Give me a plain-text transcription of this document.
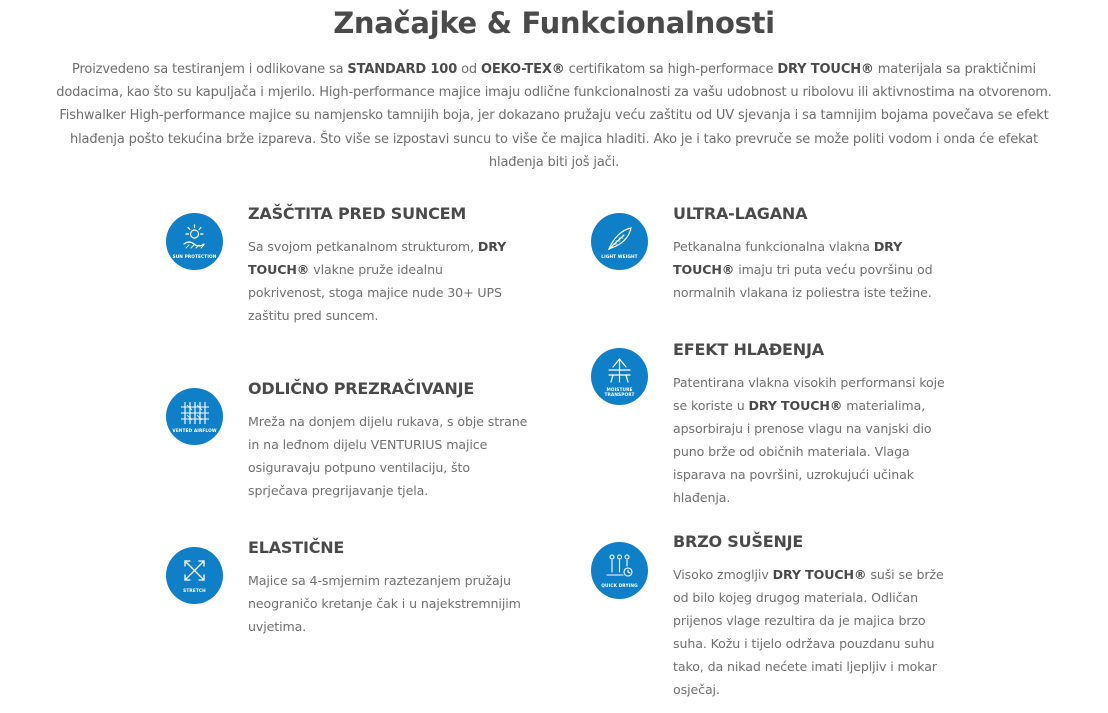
Značajke & Funkcionalnosti

Proizvedeno sa testiranjem i odlikovane sa STANDARD 100 od OEKO-TEX® certifikatom sa high-performace DRY TOUCH® materijala sa praktičnimi dodacima, kao što su kapuljača i mjerilo. High-performance majice imaju odlične funkcionalnosti za vašu udobnost u ribolovu ili aktivnostima na otvorenom. Fishwalker High-performance majice su namjensko tamnijih boja, jer dokazano pružaju veću zaštitu od UV sjevanja i sa tamnijim bojama povečava se efekt hlađenja pošto tekućina brže izpareva. Što više se izpostavi suncu to više če majica hladiti. Ako je i tako prevruče se može politi vodom i onda će efekat hlađenja biti još jači.

SUN PROTECTION
ZAŠČTITA PRED SUNCEM
Sa svojom petkanalnom strukturom, DRY TOUCH® vlakne pruže idealnu pokrivenost, stoga majice nude 30+ UPS zaštitu pred suncem.
VENTED AIRFLOW
ODLIČNO PREZRAČIVANJE
Mreža na donjem dijelu rukava, s obje strane in na leđnom dijelu VENTURIUS majice osiguravaju potpuno ventilaciju, što sprječava pregrijavanje tjela.
STRETCH
ELASTIČNE
Majice sa 4-smjernim raztezanjem pružaju neograničo kretanje čak i u najekstremnijim uvjetima.
LIGHT WEIGHT
ULTRA-LAGANA
Petkanalna funkcionalna vlakna DRY TOUCH® imaju tri puta veću površinu od normalnih vlakana iz poliestra iste težine.
MOISTURE
TRANSPORT
EFEKT HLAĐENJA
Patentirana vlakna visokih performansi koje se koriste u DRY TOUCH® materialima, apsorbiraju i prenose vlagu na vanjski dio puno brže od običnih materiala. Vlaga isparava na površini, uzrokujući učinak hlađenja.
QUICK DRYING
BRZO SUŠENJE
Visoko zmogljiv DRY TOUCH® suši se brže od bilo kojeg drugog materiala. Odličan prijenos vlage rezultira da je majica brzo suha. Kožu i tijelo održava pouzdanu suhu tako, da nikad nećete imati ljepljiv i mokar osječaj.
